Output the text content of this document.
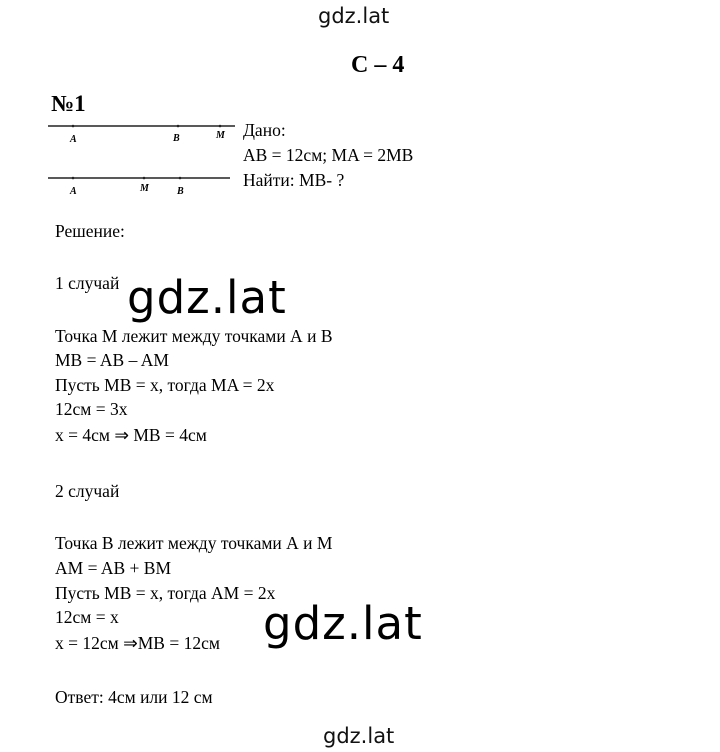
gdz.lat
С – 4
№1
A	B	M
A	M	B
Дано:
AB = 12см; MA = 2MB
Найти: MB- ?
Решение:
1 случай
Точка М лежит между точками А и В
MB = AB – AM
Пусть MB = x, тогда MA = 2x
12см = 3x
x = 4см ⇒ MB = 4см
2 случай
Точка В лежит между точками А и М
AM = AB + BM
Пусть MB = x, тогда AM = 2x
12см = x
x = 12см ⇒MB = 12см
Ответ: 4см или 12 см
gdz.lat
gdz.lat
gdz.lat
